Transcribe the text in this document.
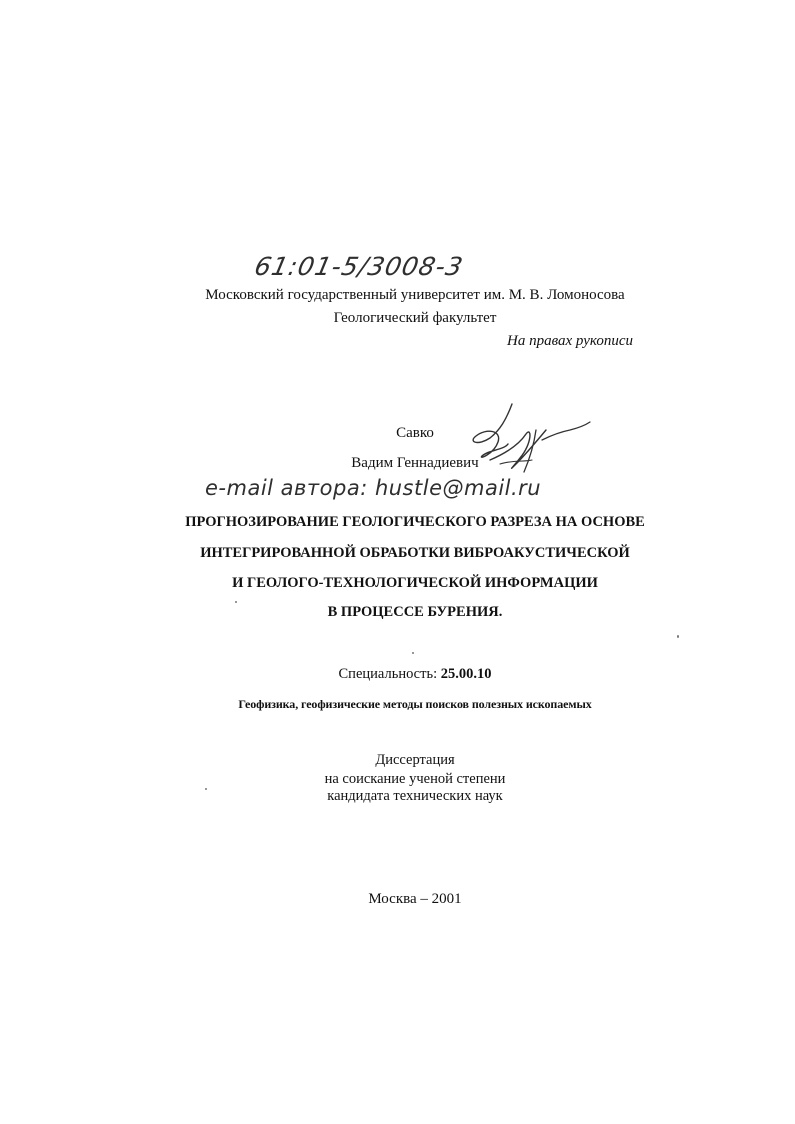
61:01-5/3008-3
Московский государственный университет им. М. В. Ломоносова
Геологический факультет
На правах рукописи
Савко
Вадим Геннадиевич
e-mail автора: hustle@mail.ru
ПРОГНОЗИРОВАНИЕ ГЕОЛОГИЧЕСКОГО РАЗРЕЗА НА ОСНОВЕ
ИНТЕГРИРОВАННОЙ ОБРАБОТКИ ВИБРОАКУСТИЧЕСКОЙ
И ГЕОЛОГО-ТЕХНОЛОГИЧЕСКОЙ ИНФОРМАЦИИ
В ПРОЦЕССЕ БУРЕНИЯ.
Специальность: 25.00.10
Геофизика, геофизические методы поисков полезных ископаемых
Диссертация
на соискание ученой степени
кандидата технических наук
Москва – 2001
